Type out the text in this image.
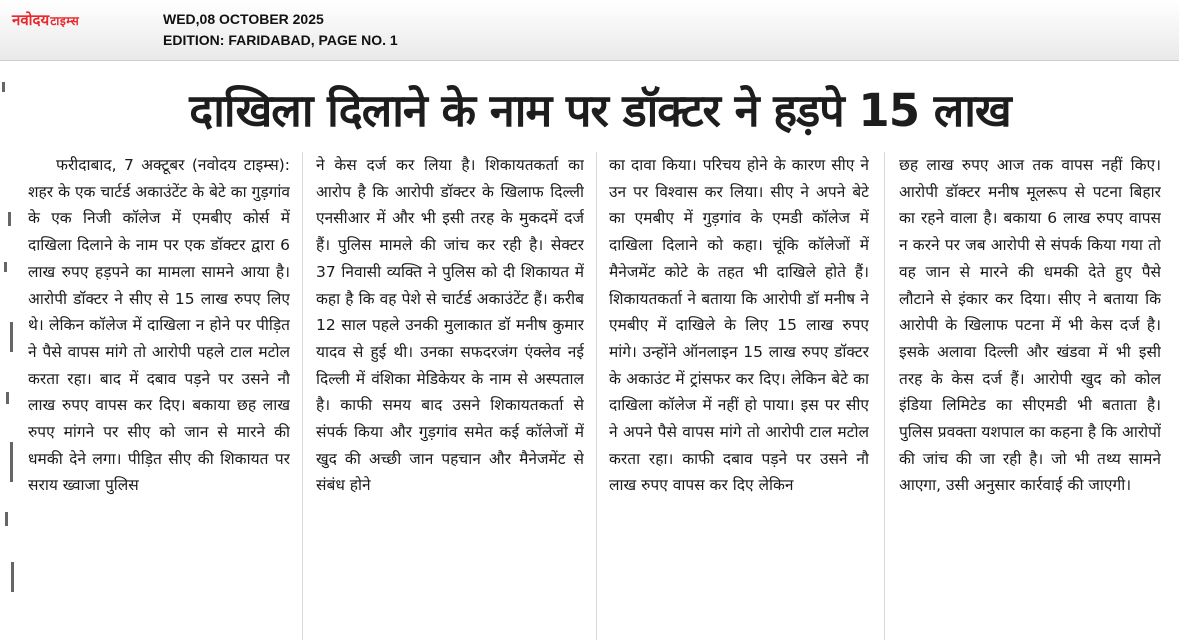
नवोदयटाइम्स	WED,08 OCTOBER 2025
EDITION: FARIDABAD, PAGE NO. 1
दाखिला दिलाने के नाम पर डॉक्टर ने हड़पे 15 लाख

फरीदाबाद, 7 अक्टूबर (नवोदय टाइम्स): शहर के एक चार्टर्ड अकाउंटेंट के बेटे का गुड़गांव के एक निजी कॉलेज में एमबीए कोर्स में दाखिला दिलाने के नाम पर एक डॉक्टर द्वारा 6 लाख रुपए हड़पने का मामला सामने आया है। आरोपी डॉक्टर ने सीए से 15 लाख रुपए लिए थे। लेकिन कॉलेज में दाखिला न होने पर पीड़ित ने पैसे वापस मांगे तो आरोपी पहले टाल मटोल करता रहा। बाद में दबाव पड़ने पर उसने नौ लाख रुपए वापस कर दिए। बकाया छह लाख रुपए मांगने पर सीए को जान से मारने की धमकी देने लगा। पीड़ित सीए की शिकायत पर सराय ख्वाजा पुलिस

ने केस दर्ज कर लिया है। शिकायतकर्ता का आरोप है कि आरोपी डॉक्टर के खिलाफ दिल्ली एनसीआर में और भी इसी तरह के मुकदमें दर्ज हैं। पुलिस मामले की जांच कर रही है। सेक्टर 37 निवासी व्यक्ति ने पुलिस को दी शिकायत में कहा है कि वह पेशे से चार्टर्ड अकाउंटेंट हैं। करीब 12 साल पहले उनकी मुलाकात डॉ मनीष कुमार यादव से हुई थी। उनका सफदरजंग एंक्लेव नई दिल्ली में वंशिका मेडिकेयर के नाम से अस्पताल है। काफी समय बाद उसने शिकायतकर्ता से संपर्क किया और गुड़गांव समेत कई कॉलेजों में खुद की अच्छी जान पहचान और मैनेजमेंट से संबंध होने

का दावा किया। परिचय होने के कारण सीए ने उन पर विश्वास कर लिया। सीए ने अपने बेटे का एमबीए में गुड़गांव के एमडी कॉलेज में दाखिला दिलाने को कहा। चूंकि कॉलेजों में मैनेजमेंट कोटे के तहत भी दाखिले होते हैं। शिकायतकर्ता ने बताया कि आरोपी डॉ मनीष ने एमबीए में दाखिले के लिए 15 लाख रुपए मांगे। उन्होंने ऑनलाइन 15 लाख रुपए डॉक्टर के अकाउंट में ट्रांसफर कर दिए। लेकिन बेटे का दाखिला कॉलेज में नहीं हो पाया। इस पर सीए ने अपने पैसे वापस मांगे तो आरोपी टाल मटोल करता रहा। काफी दबाव पड़ने पर उसने नौ लाख रुपए वापस कर दिए लेकिन

छह लाख रुपए आज तक वापस नहीं किए। आरोपी डॉक्टर मनीष मूलरूप से पटना बिहार का रहने वाला है। बकाया 6 लाख रुपए वापस न करने पर जब आरोपी से संपर्क किया गया तो वह जान से मारने की धमकी देते हुए पैसे लौटाने से इंकार कर दिया। सीए ने बताया कि आरोपी के खिलाफ पटना में भी केस दर्ज है। इसके अलावा दिल्ली और खंडवा में भी इसी तरह के केस दर्ज हैं। आरोपी खुद को कोल इंडिया लिमिटेड का सीएमडी भी बताता है। पुलिस प्रवक्ता यशपाल का कहना है कि आरोपों की जांच की जा रही है। जो भी तथ्य सामने आएगा, उसी अनुसार कार्रवाई की जाएगी।
